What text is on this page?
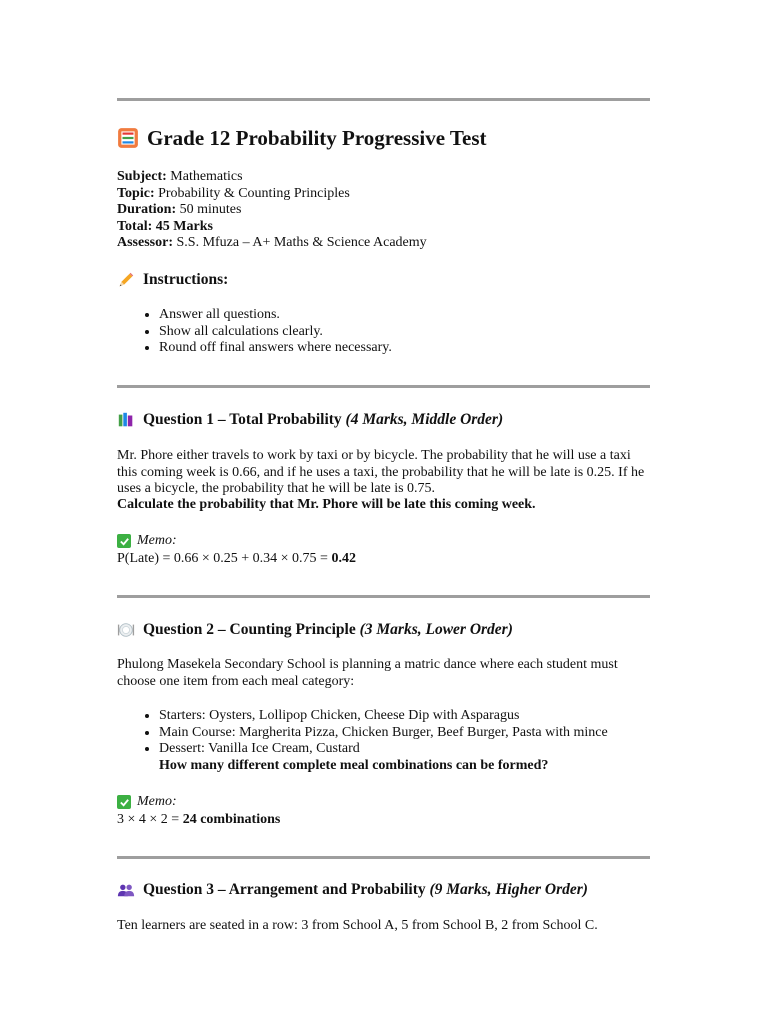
Grade 12 Probability Progressive Test
Subject: Mathematics
Topic: Probability & Counting Principles
Duration: 50 minutes
Total: 45 Marks
Assessor: S.S. Mfuza – A+ Maths & Science Academy
Instructions:
• Answer all questions.
• Show all calculations clearly.
• Round off final answers where necessary.
Question 1 – Total Probability
(4 Marks, Middle Order)
Mr. Phore either travels to work by taxi or by bicycle. The probability that he will use a taxi this coming week is 0.66, and if he uses a taxi, the probability that he will be late is 0.25. If he uses a bicycle, the probability that he will be late is 0.75.
Calculate the probability that Mr. Phore will be late this coming week.
Memo:
P(Late) = 0.66 × 0.25 + 0.34 × 0.75 = 0.42
Question 2 – Counting Principle
(3 Marks, Lower Order)
Phulong Masekela Secondary School is planning a matric dance where each student must choose one item from each meal category:
• Starters: Oysters, Lollipop Chicken, Cheese Dip with Asparagus
• Main Course: Margherita Pizza, Chicken Burger, Beef Burger, Pasta with mince
• Dessert: Vanilla Ice Cream, Custard
How many different complete meal combinations can be formed?
Memo:
3 × 4 × 2 = 24 combinations
Question 3 – Arrangement and Probability
(9 Marks, Higher Order)
Ten learners are seated in a row: 3 from School A, 5 from School B, 2 from School C.
